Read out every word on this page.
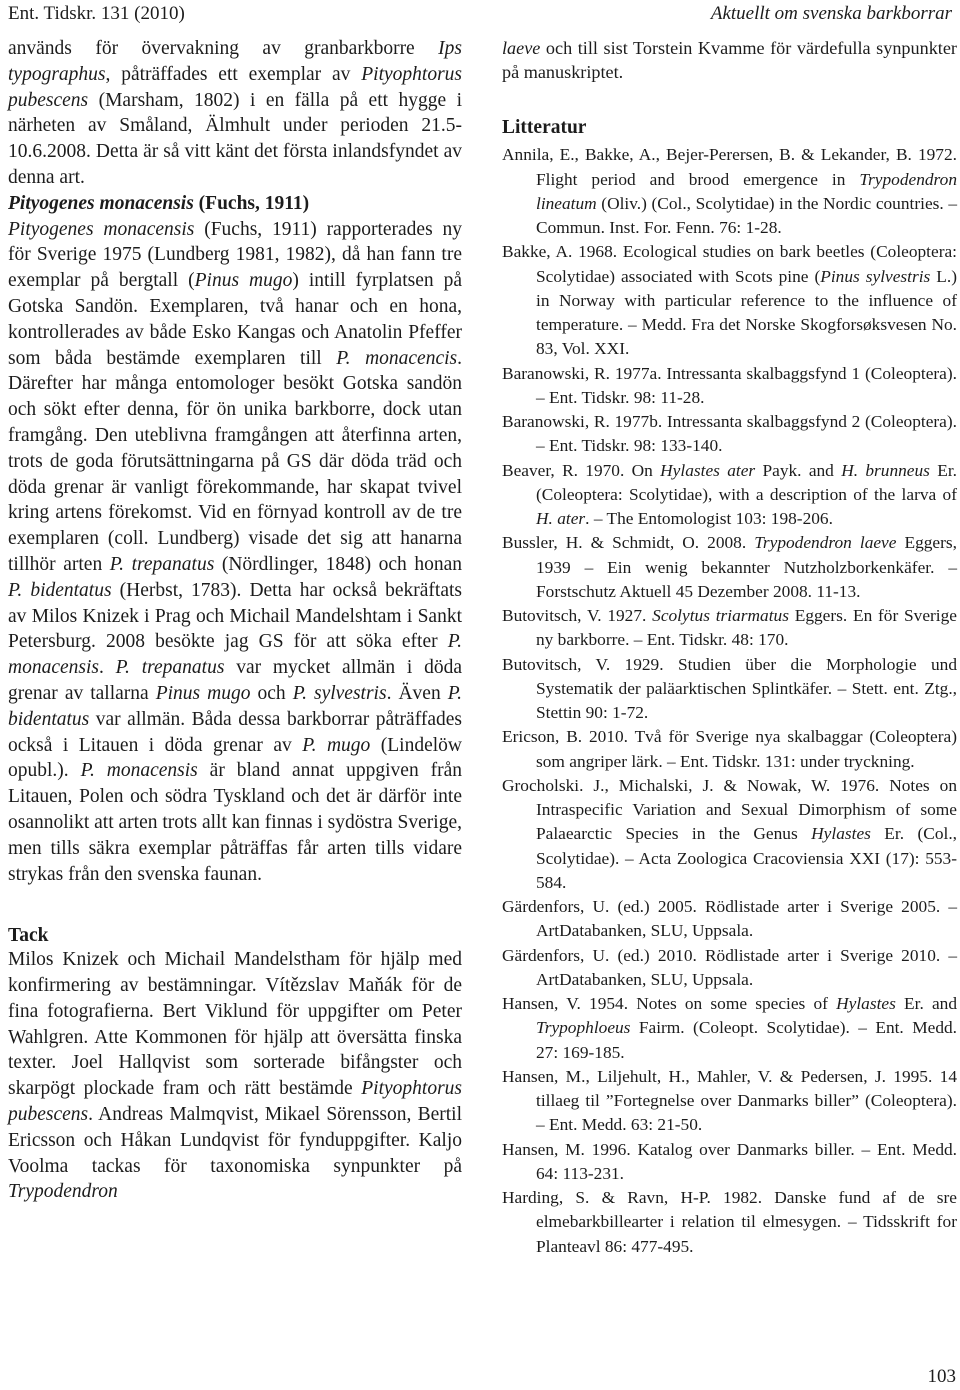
Ent. Tidskr. 131 (2010)	Aktuellt om svenska barkborrar

används för övervakning av granbarkborre Ips typographus, påträffades ett exemplar av Pityophtorus pubescens (Marsham, 1802) i en fälla på ett hygge i närheten av Småland, Älmhult under perioden 21.5-10.6.2008. Detta är så vitt känt det första inlandsfyndet av denna art.

Pityogenes monacensis (Fuchs, 1911)

Pityogenes monacensis (Fuchs, 1911) rapporterades ny för Sverige 1975 (Lundberg 1981, 1982), då han fann tre exemplar på bergtall (Pinus mugo) intill fyrplatsen på Gotska Sandön. Exemplaren, två hanar och en hona, kontrollerades av både Esko Kangas och Anatolin Pfeffer som båda bestämde exemplaren till P. monacencis. Därefter har många entomologer besökt Gotska sandön och sökt efter denna, för ön unika barkborre, dock utan framgång. Den uteblivna framgången att återfinna arten, trots de goda förutsättningarna på GS där döda träd och döda grenar är vanligt förekommande, har skapat tvivel kring artens förekomst. Vid en förnyad kontroll av de tre exemplaren (coll. Lundberg) visade det sig att hanarna tillhör arten P. trepanatus (Nördlinger, 1848) och honan P. bidentatus (Herbst, 1783). Detta har också bekräftats av Milos Knizek i Prag och Michail Mandelshtam i Sankt Petersburg. 2008 besökte jag GS för att söka efter P. monacensis. P. trepanatus var mycket allmän i döda grenar av tallarna Pinus mugo och P. sylvestris. Även P. bidentatus var allmän. Båda dessa barkborrar påträffades också i Litauen i döda grenar av P. mugo (Lindelöw opubl.). P. monacensis är bland annat uppgiven från Litauen, Polen och södra Tyskland och det är därför inte osannolikt att arten trots allt kan finnas i sydöstra Sverige, men tills säkra exemplar påträffas får arten tills vidare strykas från den svenska faunan.

Tack

Milos Knizek och Michail Mandelstham för hjälp med konfirmering av bestämningar. Vítězslav Maňák för de fina fotografierna. Bert Viklund för uppgifter om Peter Wahlgren. Atte Kommonen för hjälp att översätta finska texter. Joel Hallqvist som sorterade bifångster och skarpögt plockade fram och rätt bestämde Pityophtorus pubescens. Andreas Malmqvist, Mikael Sörensson, Bertil Ericsson och Håkan Lundqvist för fynduppgifter. Kaljo Voolma tackas för taxonomiska synpunkter på Trypodendron

laeve och till sist Torstein Kvamme för värdefulla synpunkter på manuskriptet.

Litteratur
Annila, E., Bakke, A., Bejer-Perersen, B. & Lekander, B. 1972. Flight period and brood emergence in Trypodendron lineatum (Oliv.) (Col., Scolytidae) in the Nordic countries. – Commun. Inst. For. Fenn. 76: 1-28.
Bakke, A. 1968. Ecological studies on bark beetles (Coleoptera: Scolytidae) associated with Scots pine (Pinus sylvestris L.) in Norway with particular reference to the influence of temperature. – Medd. Fra det Norske Skogforsøksvesen No. 83, Vol. XXI.
Baranowski, R. 1977a. Intressanta skalbaggsfynd 1 (Coleoptera). – Ent. Tidskr. 98: 11-28.
Baranowski, R. 1977b. Intressanta skalbaggsfynd 2 (Coleoptera). – Ent. Tidskr. 98: 133-140.
Beaver, R. 1970. On Hylastes ater Payk. and H. brunneus Er. (Coleoptera: Scolytidae), with a description of the larva of H. ater. – The Entomologist 103: 198-206.
Bussler, H. & Schmidt, O. 2008. Trypodendron laeve Eggers, 1939 – Ein wenig bekannter Nutzholzborkenkäfer. – Forstschutz Aktuell 45 Dezember 2008. 11-13.
Butovitsch, V. 1927. Scolytus triarmatus Eggers. En för Sverige ny barkborre. – Ent. Tidskr. 48: 170.
Butovitsch, V. 1929. Studien über die Morphologie und Systematik der paläarktischen Splintkäfer. – Stett. ent. Ztg., Stettin 90: 1-72.
Ericson, B. 2010. Två för Sverige nya skalbaggar (Coleoptera) som angriper lärk. – Ent. Tidskr. 131: under tryckning.
Grocholski. J., Michalski, J. & Nowak, W. 1976. Notes on Intraspecific Variation and Sexual Dimorphism of some Palaearctic Species in the Genus Hylastes Er. (Col., Scolytidae). – Acta Zoologica Cracoviensia XXI (17): 553-584.
Gärdenfors, U. (ed.) 2005. Rödlistade arter i Sverige 2005. –ArtDatabanken, SLU, Uppsala.
Gärdenfors, U. (ed.) 2010. Rödlistade arter i Sverige 2010. – ArtDatabanken, SLU, Uppsala.
Hansen, V. 1954. Notes on some species of Hylastes Er. and Trypophloeus Fairm. (Coleopt. Scolytidae). – Ent. Medd. 27: 169-185.
Hansen, M., Liljehult, H., Mahler, V. & Pedersen, J. 1995. 14 tillaeg til ”Fortegnelse over Danmarks biller” (Coleoptera). – Ent. Medd. 63: 21-50.
Hansen, M. 1996. Katalog over Danmarks biller. – Ent. Medd. 64: 113-231.
Harding, S. & Ravn, H-P. 1982. Danske fund af de sre elmebarkbillearter i relation til elmesygen. – Tidsskrift for Planteavl 86: 477-495.
103
